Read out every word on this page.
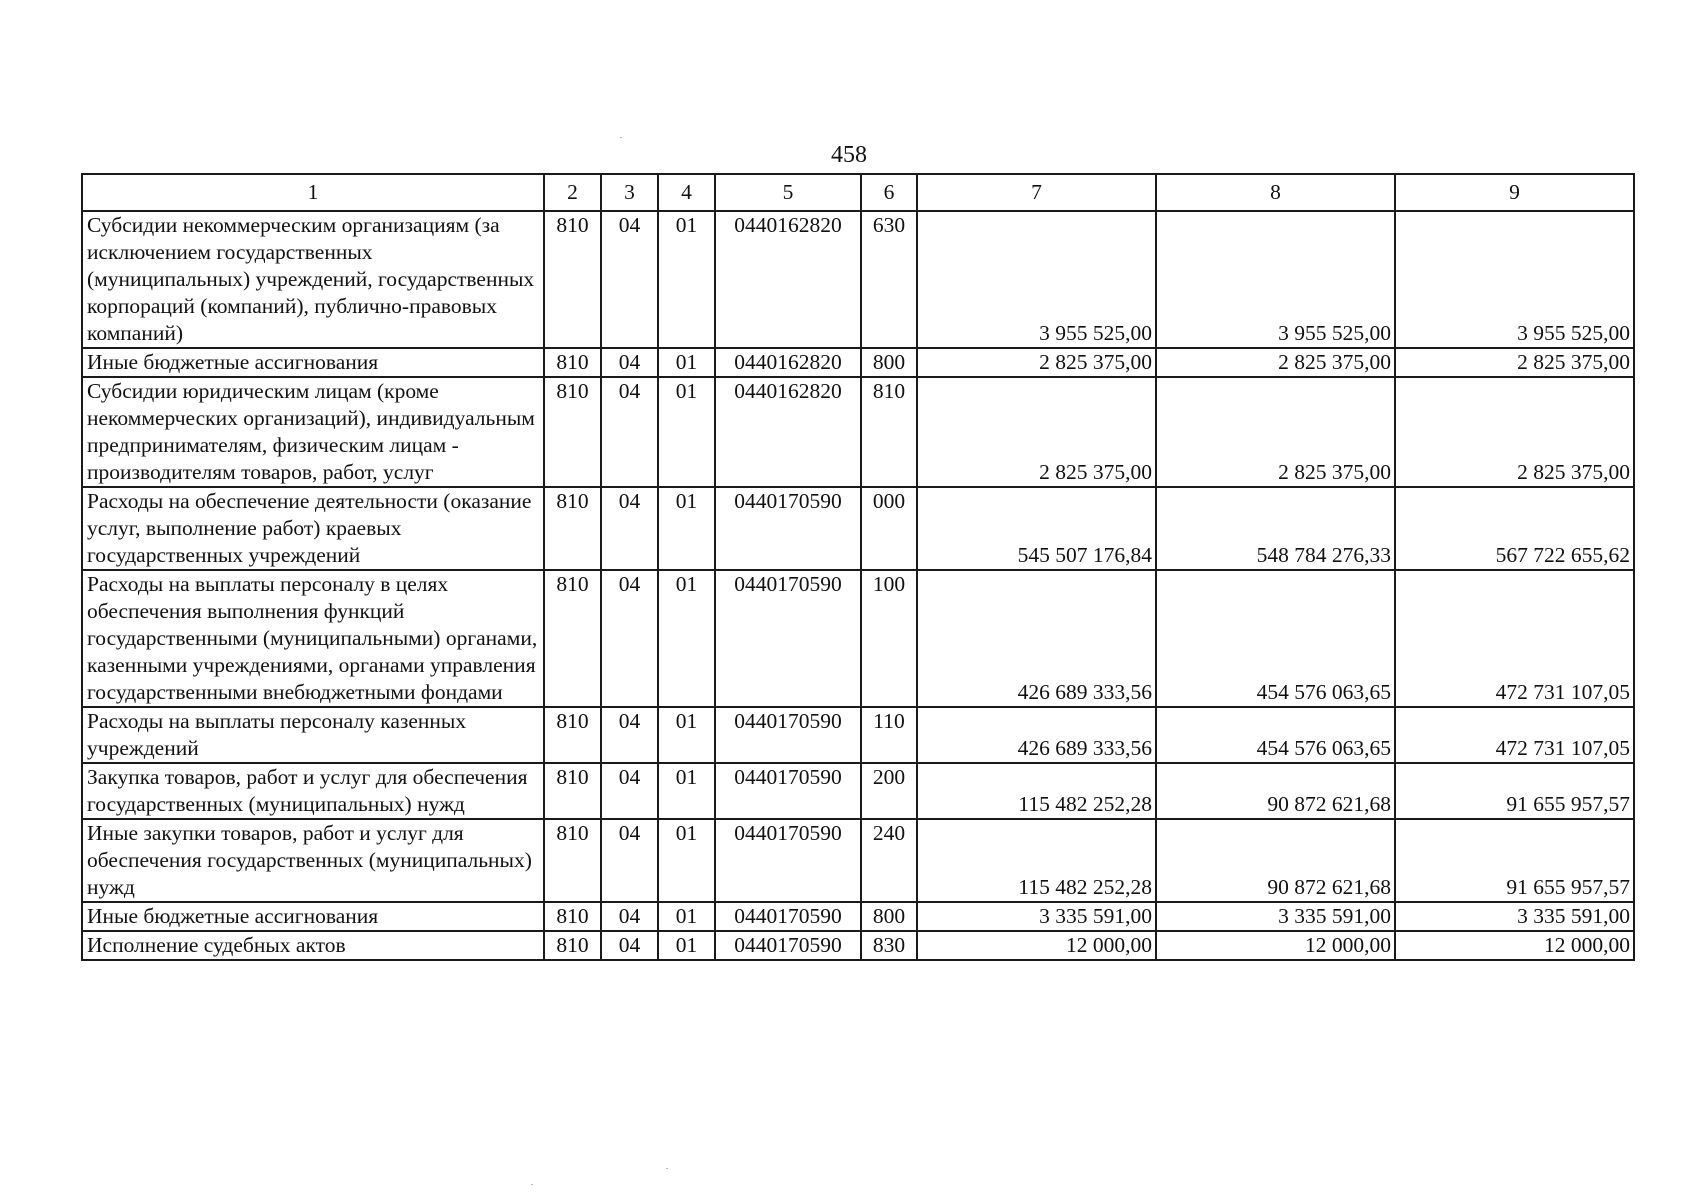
458
1	2	3	4	5	6	7	8	9
Субсидии некоммерческим организациям (за исключением государственных (муниципальных) учреждений, государственных корпораций (компаний), публично-правовых компаний)	810	04	01	0440162820	630	3 955 525,00	3 955 525,00	3 955 525,00
Иные бюджетные ассигнования	810	04	01	0440162820	800	2 825 375,00	2 825 375,00	2 825 375,00
Субсидии юридическим лицам (кроме некоммерческих организаций), индивидуальным предпринимателям, физическим лицам - производителям товаров, работ, услуг	810	04	01	0440162820	810	2 825 375,00	2 825 375,00	2 825 375,00
Расходы на обеспечение деятельности (оказание услуг, выполнение работ) краевых государственных учреждений	810	04	01	0440170590	000	545 507 176,84	548 784 276,33	567 722 655,62
Расходы на выплаты персоналу в целях обеспечения выполнения функций государственными (муниципальными) органами, казенными учреждениями, органами управления государственными внебюджетными фондами	810	04	01	0440170590	100	426 689 333,56	454 576 063,65	472 731 107,05
Расходы на выплаты персоналу казенных учреждений	810	04	01	0440170590	110	426 689 333,56	454 576 063,65	472 731 107,05
Закупка товаров, работ и услуг для обеспечения государственных (муниципальных) нужд	810	04	01	0440170590	200	115 482 252,28	90 872 621,68	91 655 957,57
Иные закупки товаров, работ и услуг для обеспечения государственных (муниципальных) нужд	810	04	01	0440170590	240	115 482 252,28	90 872 621,68	91 655 957,57
Иные бюджетные ассигнования	810	04	01	0440170590	800	3 335 591,00	3 335 591,00	3 335 591,00
Исполнение судебных актов	810	04	01	0440170590	830	12 000,00	12 000,00	12 000,00
